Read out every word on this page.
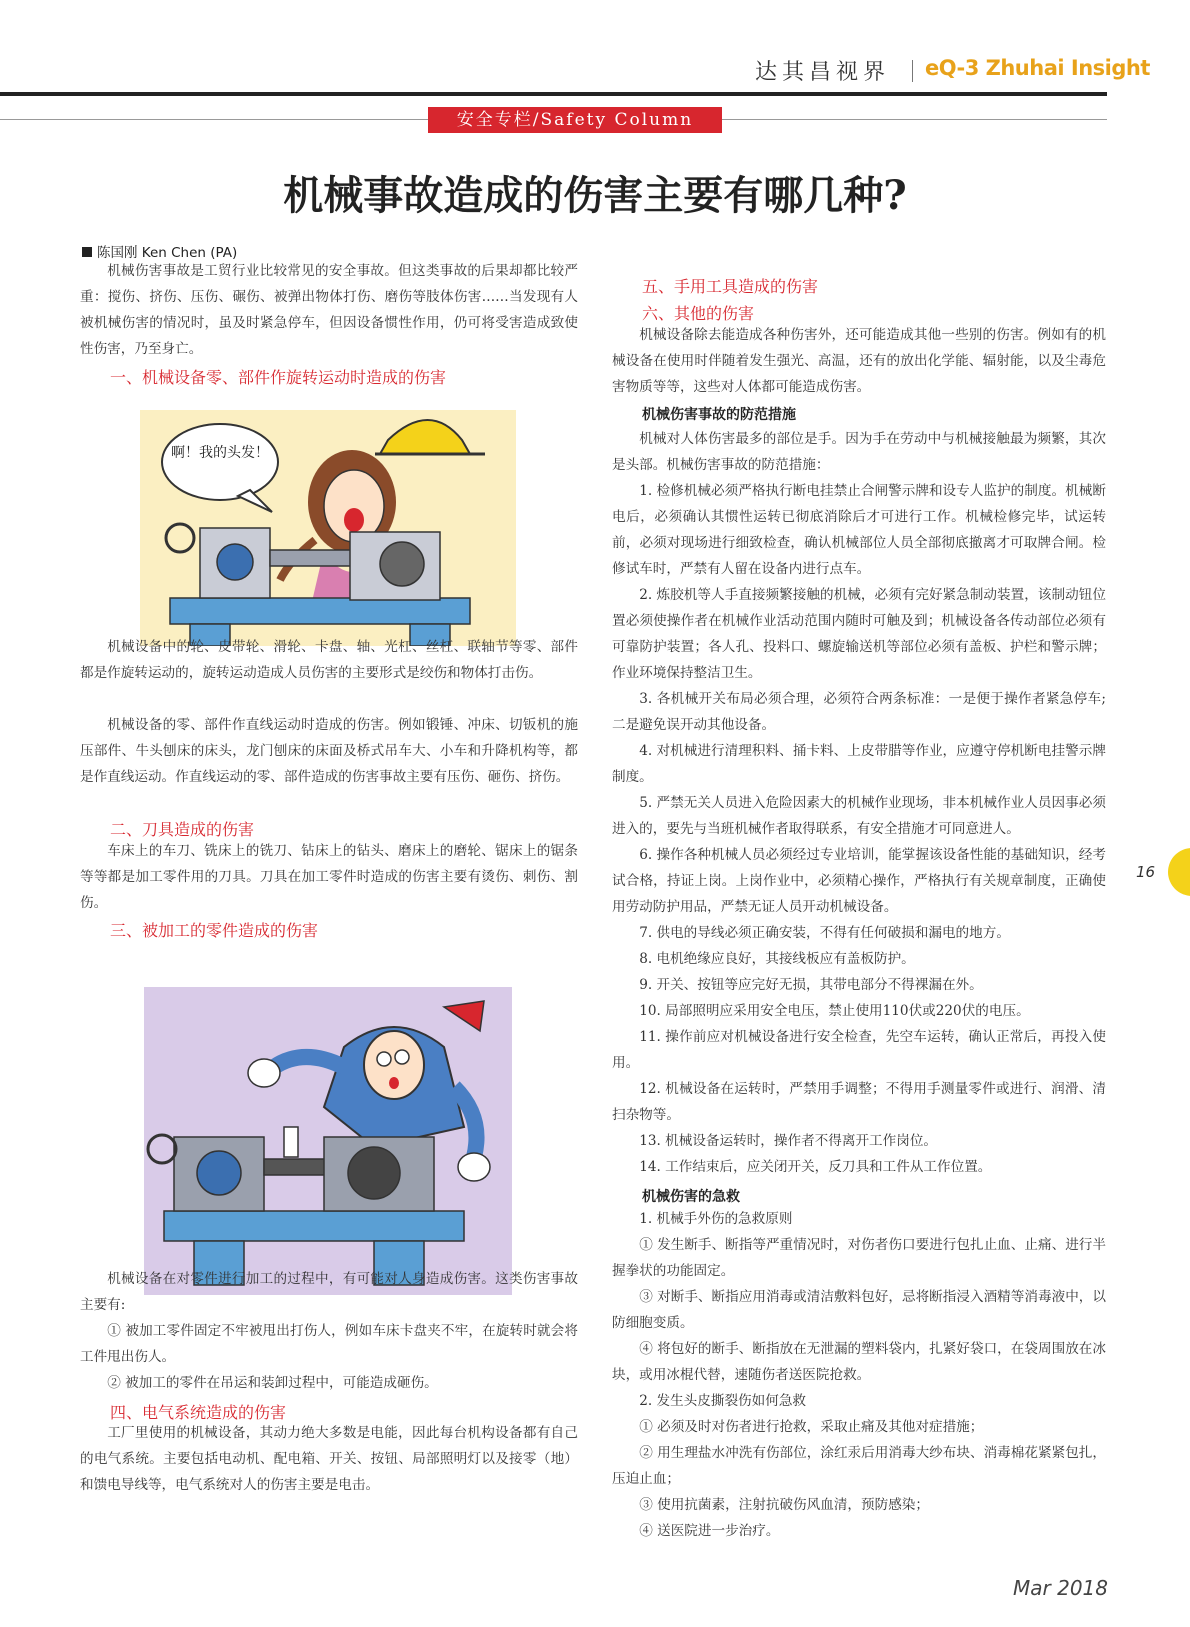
达其昌视界 eQ-3 Zhuhai Insight
安全专栏/Safety Column
机械事故造成的伤害主要有哪几种?
陈国刚 Ken Chen (PA)
机械伤害事故是工贸行业比较常见的安全事故。但这类事故的后果却都比较严重：搅伤、挤伤、压伤、碾伤、被弹出物体打伤、磨伤等肢体伤害……当发现有人被机械伤害的情况时，虽及时紧急停车，但因设备惯性作用，仍可将受害造成致使性伤害，乃至身亡。
一、机械设备零、部件作旋转运动时造成的伤害
啊！我的头发！
机械设备中的轮、皮带轮、滑轮、卡盘、轴、光杠、丝杠、联轴节等零、部件都是作旋转运动的，旋转运动造成人员伤害的主要形式是绞伤和物体打击伤。
机械设备的零、部件作直线运动时造成的伤害。例如锻锤、冲床、切钣机的施压部件、牛头刨床的床头，龙门刨床的床面及桥式吊车大、小车和升降机构等，都是作直线运动。作直线运动的零、部件造成的伤害事故主要有压伤、砸伤、挤伤。
二、刀具造成的伤害
车床上的车刀、铣床上的铣刀、钻床上的钻头、磨床上的磨轮、锯床上的锯条等等都是加工零件用的刀具。刀具在加工零件时造成的伤害主要有烫伤、刺伤、割伤。
三、被加工的零件造成的伤害
机械设备在对零件进行加工的过程中，有可能对人身造成伤害。这类伤害事故主要有:
① 被加工零件固定不牢被甩出打伤人，例如车床卡盘夹不牢，在旋转时就会将工件甩出伤人。
② 被加工的零件在吊运和装卸过程中，可能造成砸伤。
四、电气系统造成的伤害
工厂里使用的机械设备，其动力绝大多数是电能，因此每台机构设备都有自己的电气系统。主要包括电动机、配电箱、开关、按钮、局部照明灯以及接零（地）和馈电导线等，电气系统对人的伤害主要是电击。
五、手用工具造成的伤害
六、其他的伤害
机械设备除去能造成各种伤害外，还可能造成其他一些别的伤害。例如有的机械设备在使用时伴随着发生强光、高温，还有的放出化学能、辐射能，以及尘毒危害物质等等，这些对人体都可能造成伤害。
机械伤害事故的防范措施
机械对人体伤害最多的部位是手。因为手在劳动中与机械接触最为频繁，其次是头部。机械伤害事故的防范措施：
1. 检修机械必须严格执行断电挂禁止合闸警示牌和设专人监护的制度。机械断电后，必须确认其惯性运转已彻底消除后才可进行工作。机械检修完毕，试运转前，必须对现场进行细致检查，确认机械部位人员全部彻底撤离才可取牌合闸。检修试车时，严禁有人留在设备内进行点车。
2. 炼胶机等人手直接频繁接触的机械，必须有完好紧急制动装置，该制动钮位置必须使操作者在机械作业活动范围内随时可触及到；机械设备各传动部位必须有可靠防护装置；各人孔、投料口、螺旋输送机等部位必须有盖板、护栏和警示牌；作业环境保持整洁卫生。
3. 各机械开关布局必须合理，必须符合两条标准：一是便于操作者紧急停车;二是避免误开动其他设备。
4. 对机械进行清理积料、捅卡料、上皮带腊等作业，应遵守停机断电挂警示牌制度。
5. 严禁无关人员进入危险因素大的机械作业现场，非本机械作业人员因事必须进入的，要先与当班机械作者取得联系，有安全措施才可同意进人。
6. 操作各种机械人员必须经过专业培训，能掌握该设备性能的基础知识，经考试合格，持证上岗。上岗作业中，必须精心操作，严格执行有关规章制度，正确使用劳动防护用品，严禁无证人员开动机械设备。
7. 供电的导线必须正确安装，不得有任何破损和漏电的地方。
8. 电机绝缘应良好，其接线板应有盖板防护。
9. 开关、按钮等应完好无损，其带电部分不得裸漏在外。
10. 局部照明应采用安全电压，禁止使用110伏或220伏的电压。
11. 操作前应对机械设备进行安全检查，先空车运转，确认正常后，再投入使用。
12. 机械设备在运转时，严禁用手调整；不得用手测量零件或进行、润滑、清扫杂物等。
13. 机械设备运转时，操作者不得离开工作岗位。
14. 工作结束后，应关闭开关，反刀具和工件从工作位置。
机械伤害的急救
1. 机械手外伤的急救原则
① 发生断手、断指等严重情况时，对伤者伤口要进行包扎止血、止痛、进行半握拳状的功能固定。
③ 对断手、断指应用消毒或清洁敷料包好，忌将断指浸入酒精等消毒液中，以防细胞变质。
④ 将包好的断手、断指放在无泄漏的塑料袋内，扎紧好袋口，在袋周围放在冰块，或用冰棍代替，速随伤者送医院抢救。
2. 发生头皮撕裂伤如何急救
① 必须及时对伤者进行抢救，采取止痛及其他对症措施；
② 用生理盐水冲洗有伤部位，涂红汞后用消毒大纱布块、消毒棉花紧紧包扎，压迫止血；
③ 使用抗菌素，注射抗破伤风血清，预防感染；
④ 送医院进一步治疗。
16
Mar 2018
